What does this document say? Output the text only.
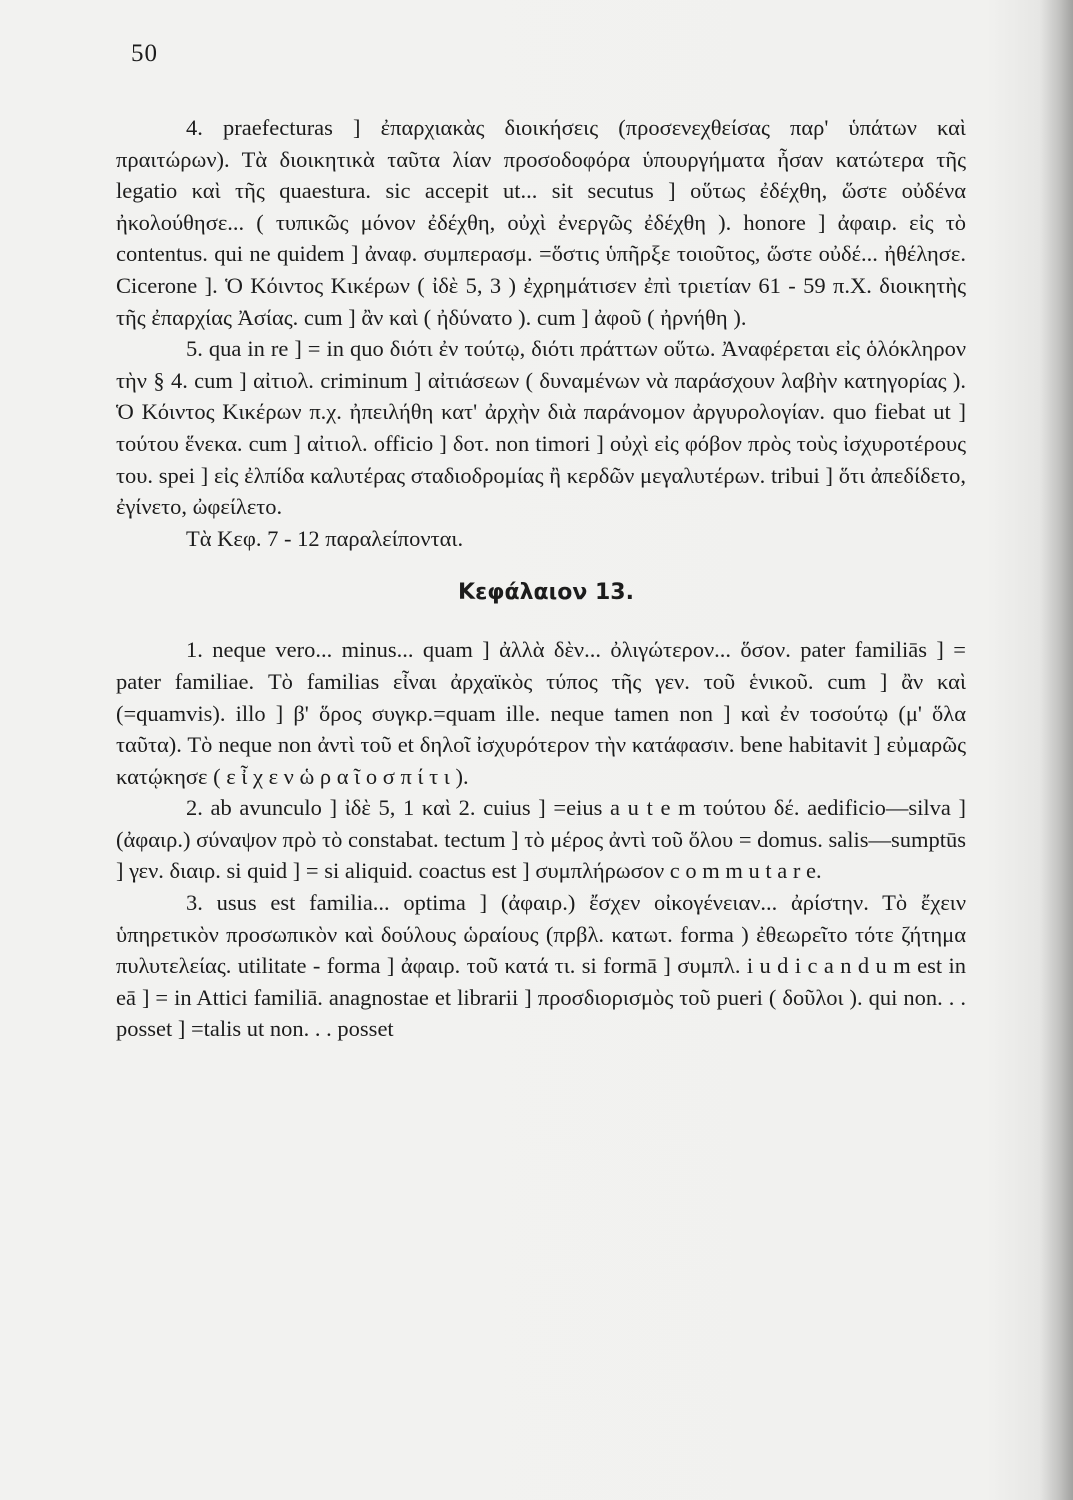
50

4. praefecturas ] ἐπαρχιακὰς διοικήσεις (προσενεχθείσας παρ' ὑπάτων καὶ πραιτώρων). Τὰ διοικητικὰ ταῦτα λίαν προσοδοφόρα ὑπουργήματα ἦσαν κατώτερα τῆς legatio καὶ τῆς quaestura. sic accepit ut... sit secutus ] οὕτως ἐδέχθη, ὥστε οὐδένα ἠκολούθησε... ( τυπικῶς μόνον ἐδέχθη, οὐχὶ ἐνεργῶς ἐδέχθη ). honore ] ἀφαιρ. εἰς τὸ contentus. qui ne quidem ] ἀναφ. συμπερασμ. =ὅστις ὑπῆρξε τοιοῦτος, ὥστε οὐδέ... ἠθέλησε. Cicerone ]. Ὁ Κόιντος Κικέρων ( ἰδὲ 5, 3 ) ἐχρημάτισεν ἐπὶ τριετίαν 61 - 59 π.Χ. διοικητὴς τῆς ἐπαρχίας Ἀσίας. cum ] ἂν καὶ ( ἠδύνατο ). cum ] ἀφοῦ ( ἠρνήθη ).

5. qua in re ] = in quo διότι ἐν τούτῳ, διότι πράττων οὕτω. Ἀναφέρεται εἰς ὁλόκληρον τὴν § 4. cum ] αἰτιολ. criminum ] αἰτιάσεων ( δυναμένων νὰ παράσχουν λαβὴν κατηγορίας ). Ὁ Κόιντος Κικέρων π.χ. ἠπειλήθη κατ' ἀρχὴν διὰ παράνομον ἀργυρολογίαν. quo fiebat ut ] τούτου ἕνεκα. cum ] αἰτιολ. officio ] δοτ. non timori ] οὐχὶ εἰς φόβον πρὸς τοὺς ἰσχυροτέρους του. spei ] εἰς ἐλπίδα καλυτέρας σταδιοδρομίας ἢ κερδῶν μεγαλυτέρων. tribui ] ὅτι ἀπεδίδετο, ἐγίνετο, ὠφείλετο.

Τὰ Κεφ. 7 - 12 παραλείπονται.

Κεφάλαιον 13.

1. neque vero... minus... quam ] ἀλλὰ δὲν... ὀλιγώτερον... ὅσον. pater familiās ] = pater familiae. Τὸ familias εἶναι ἀρχαϊκὸς τύπος τῆς γεν. τοῦ ἑνικοῦ. cum ] ἂν καὶ (=quamvis). illo ] β' ὅρος συγκρ.=quam ille. neque tamen non ] καὶ ἐν τοσούτῳ (μ' ὅλα ταῦτα). Τὸ neque non ἀντὶ τοῦ et δηλοῖ ἰσχυρότερον τὴν κατάφασιν. bene habitavit ] εὐμαρῶς κατῴκησε ( ε ἶ χ ε ν ὡ ρ α ῖ ο σ π ί τ ι ).

2. ab avunculo ] ἰδὲ 5, 1 καὶ 2. cuius ] =eius a u t e m τούτου δέ. aedificio—silva ] (ἀφαιρ.) σύναψον πρὸ τὸ constabat. tectum ] τὸ μέρος ἀντὶ τοῦ ὅλου = domus. salis—sumptūs ] γεν. διαιρ. si quid ] = si aliquid. coactus est ] συμπλήρωσον c o m m u t a r e.

3. usus est familia... optima ] (ἀφαιρ.) ἔσχεν οἰκογένειαν... ἀρίστην. Τὸ ἔχειν ὑπηρετικὸν προσωπικὸν καὶ δούλους ὡραίους (πρβλ. κατωτ. forma ) ἐθεωρεῖτο τότε ζήτημα πυλυτελείας. utilitate - forma ] ἀφαιρ. τοῦ κατά τι. si formā ] συμπλ. i u d i c a n d u m est in eā ] = in Attici familiā. anagnostae et librarii ] προσδιορισμὸς τοῦ pueri ( δοῦλοι ). qui non. . . posset ] =talis ut non. . . posset
